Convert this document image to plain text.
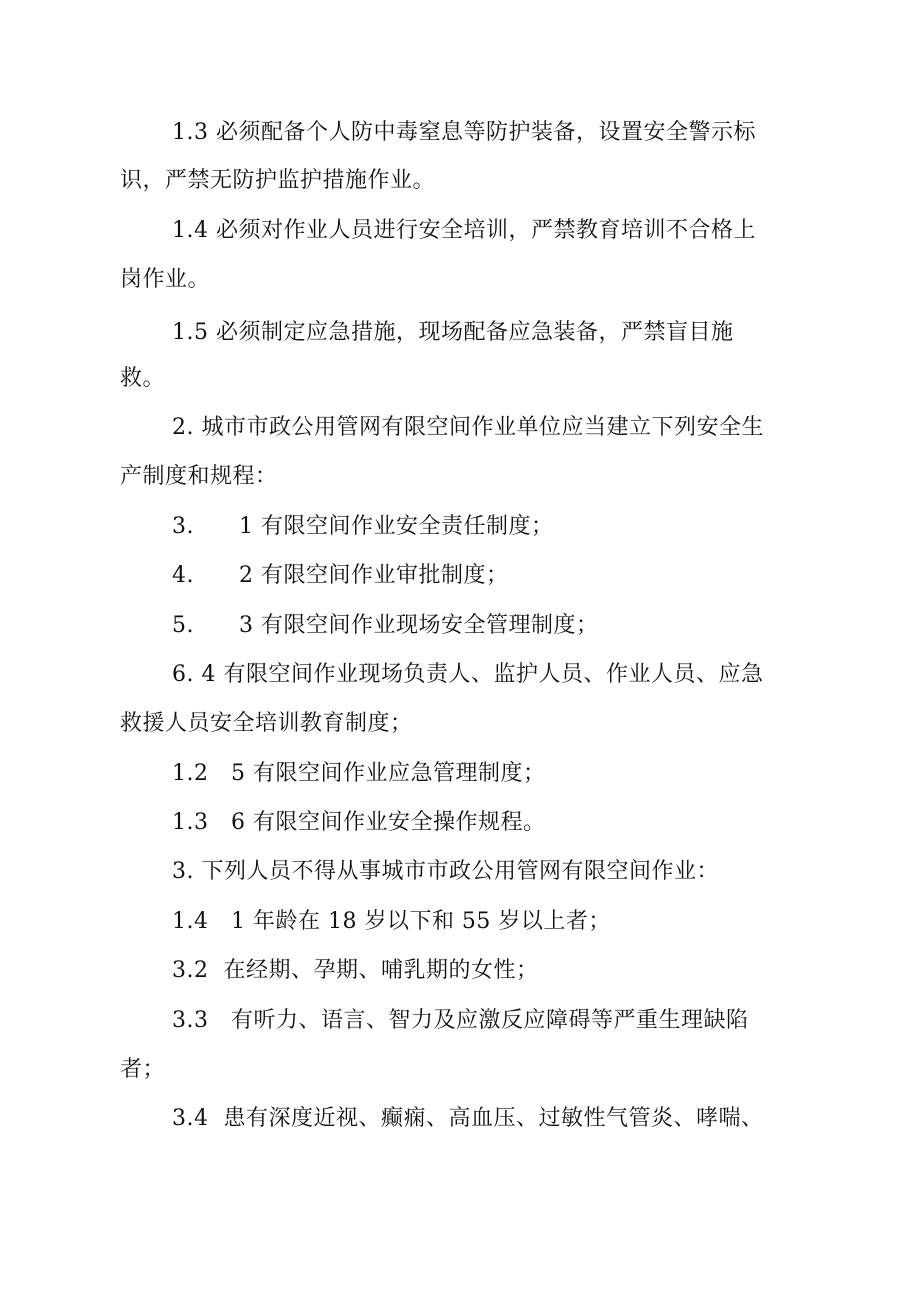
1.3 必须配备个人防中毒窒息等防护装备，设置安全警示标

识，严禁无防护监护措施作业。

1.4 必须对作业人员进行安全培训，严禁教育培训不合格上

岗作业。

1.5 必须制定应急措施，现场配备应急装备，严禁盲目施

救。

2. 城市市政公用管网有限空间作业单位应当建立下列安全生

产制度和规程：

3.      1 有限空间作业安全责任制度；

4.      2 有限空间作业审批制度；

5.      3 有限空间作业现场安全管理制度；

6. 4 有限空间作业现场负责人、监护人员、作业人员、应急

救援人员安全培训教育制度；

1.2   5 有限空间作业应急管理制度；

1.3   6 有限空间作业安全操作规程。

3. 下列人员不得从事城市市政公用管网有限空间作业：

1.4   1 年龄在 18 岁以下和 55 岁以上者；

3.2  在经期、孕期、哺乳期的女性；

3.3   有听力、语言、智力及应激反应障碍等严重生理缺陷

者；

3.4  患有深度近视、癫痫、高血压、过敏性气管炎、哮喘、
